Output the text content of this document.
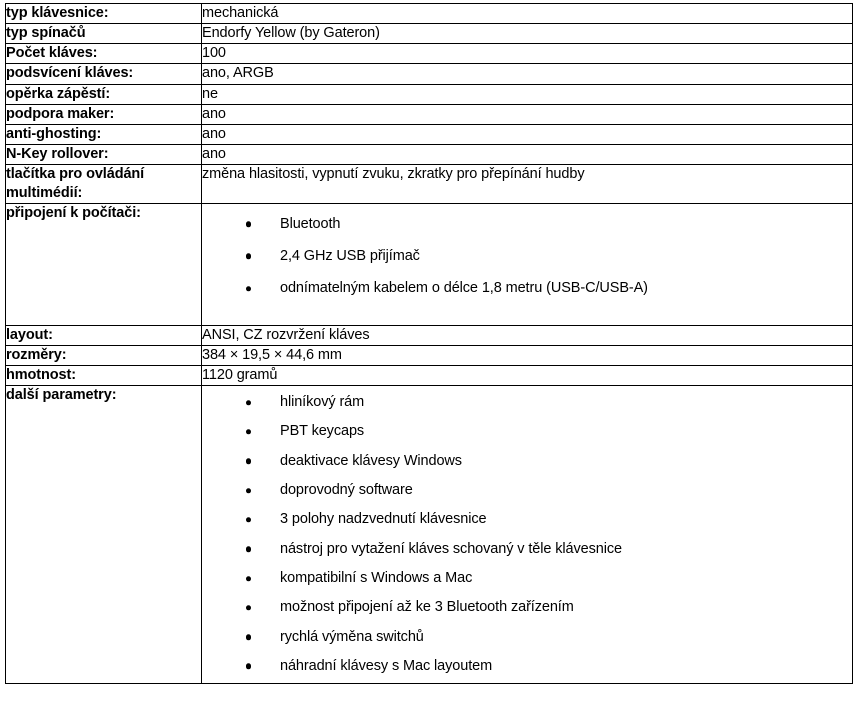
typ klávesnice:	mechanická
typ spínačů	Endorfy Yellow (by Gateron)
Počet kláves:	100
podsvícení kláves:	ano, ARGB
opěrka zápěstí:	ne
podpora maker:	ano
anti-ghosting:	ano
N-Key rollover:	ano
tlačítka pro ovládání multimédií:	změna hlasitosti, vypnutí zvuku, zkratky pro přepínání hudby
připojení k počítači:	
Bluetooth
2,4 GHz USB přijímač
odnímatelným kabelem o délce 1,8 metru (USB-C/USB-A)

layout:	ANSI, CZ rozvržení kláves
rozměry:	384 × 19,5 × 44,6 mm
hmotnost:	1120 gramů
další parametry:	hliníkový rám
PBT keycaps
deaktivace klávesy Windows
doprovodný software
3 polohy nadzvednutí klávesnice
nástroj pro vytažení kláves schovaný v těle klávesnice
kompatibilní s Windows a Mac
možnost připojení až ke 3 Bluetooth zařízením
rychlá výměna switchů
náhradní klávesy s Mac layoutem
